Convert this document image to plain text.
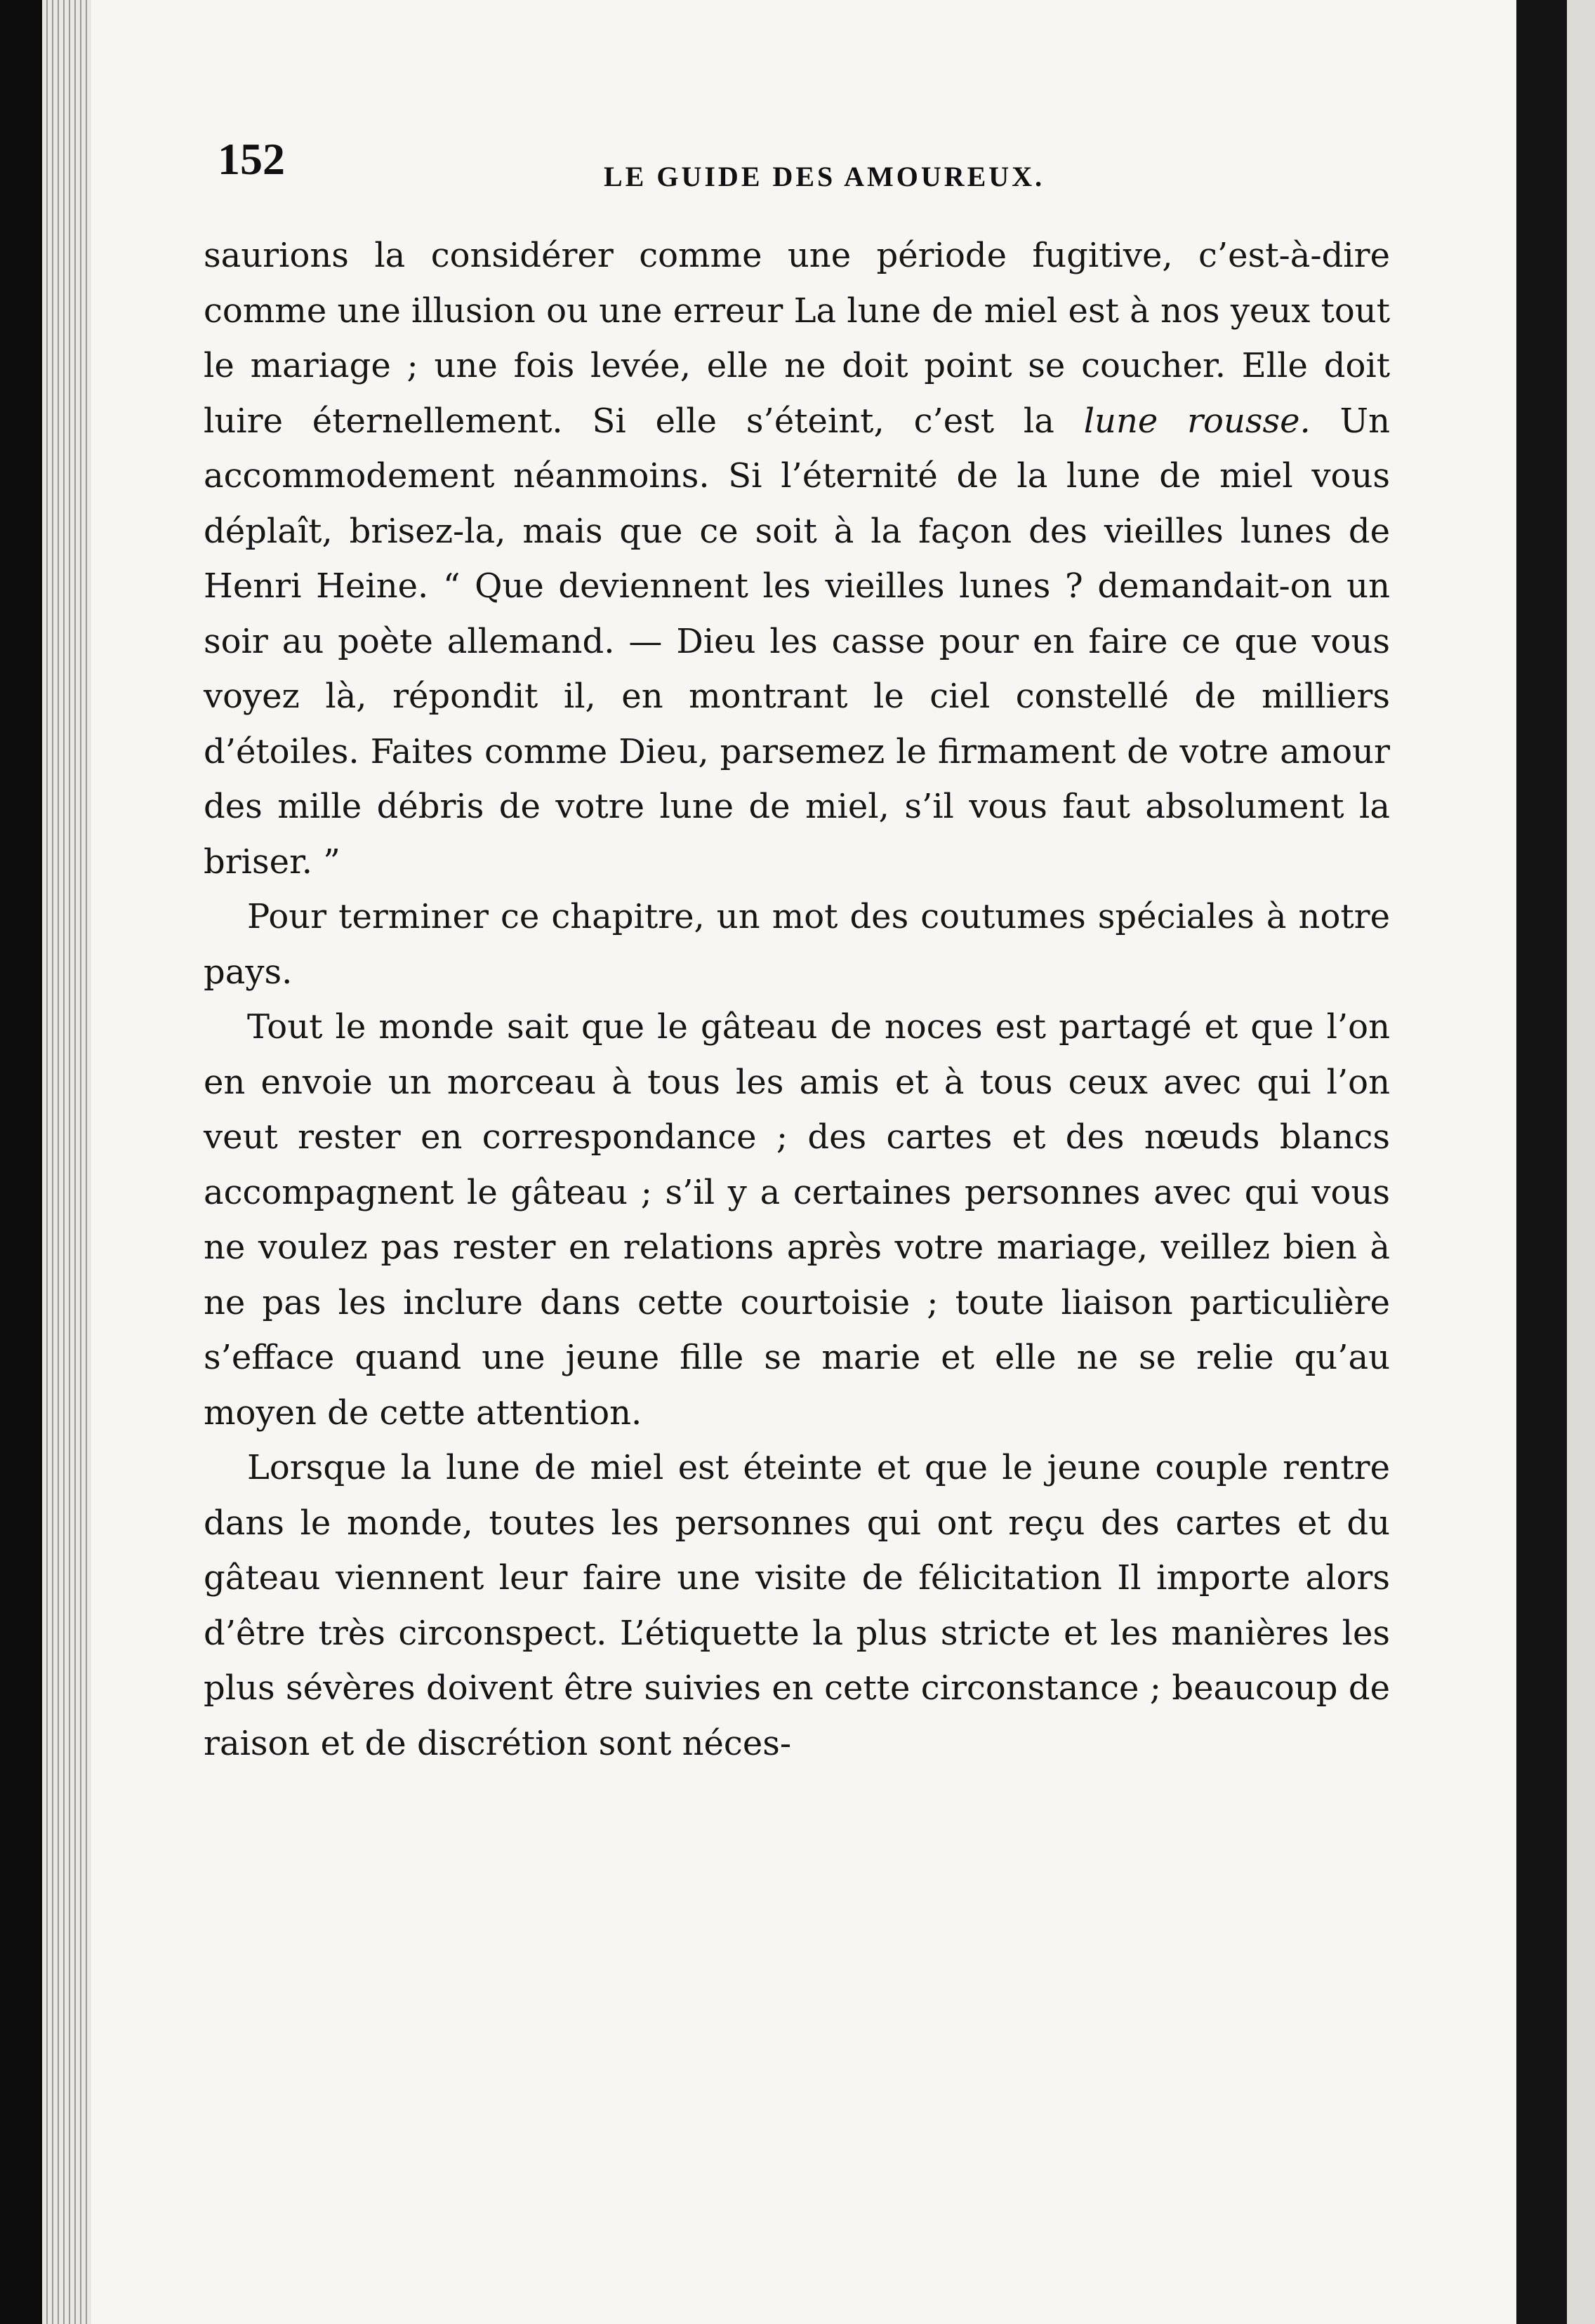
152	LE GUIDE DES AMOUREUX.

saurions la considérer comme une période fugitive, c’est-à-dire comme une illusion ou une erreur La lune de miel est à nos yeux tout le mariage ; une fois levée, elle ne doit point se coucher. Elle doit luire éternellement. Si elle s’éteint, c’est la lune rousse. Un accommodement néanmoins. Si l’éternité de la lune de miel vous déplaît, brisez-la, mais que ce soit à la façon des vieilles lunes de Henri Heine. “ Que deviennent les vieilles lunes ? demandait-on un soir au poète allemand. — Dieu les casse pour en faire ce que vous voyez là, répondit il, en montrant le ciel constellé de milliers d’étoiles. Faites comme Dieu, parsemez le firmament de votre amour des mille débris de votre lune de miel, s’il vous faut absolument la briser. ”

Pour terminer ce chapitre, un mot des coutumes spéciales à notre pays.

Tout le monde sait que le gâteau de noces est partagé et que l’on en envoie un morceau à tous les amis et à tous ceux avec qui l’on veut rester en correspondance ; des cartes et des nœuds blancs accompagnent le gâteau ; s’il y a certaines personnes avec qui vous ne voulez pas rester en relations après votre mariage, veillez bien à ne pas les inclure dans cette courtoisie ; toute liaison particulière s’efface quand une jeune fille se marie et elle ne se relie qu’au moyen de cette attention.

Lorsque la lune de miel est éteinte et que le jeune couple rentre dans le monde, toutes les personnes qui ont reçu des cartes et du gâteau viennent leur faire une visite de félicitation Il importe alors d’être très circonspect. L’étiquette la plus stricte et les manières les plus sévères doivent être suivies en cette circonstance ; beaucoup de raison et de discrétion sont néces-
